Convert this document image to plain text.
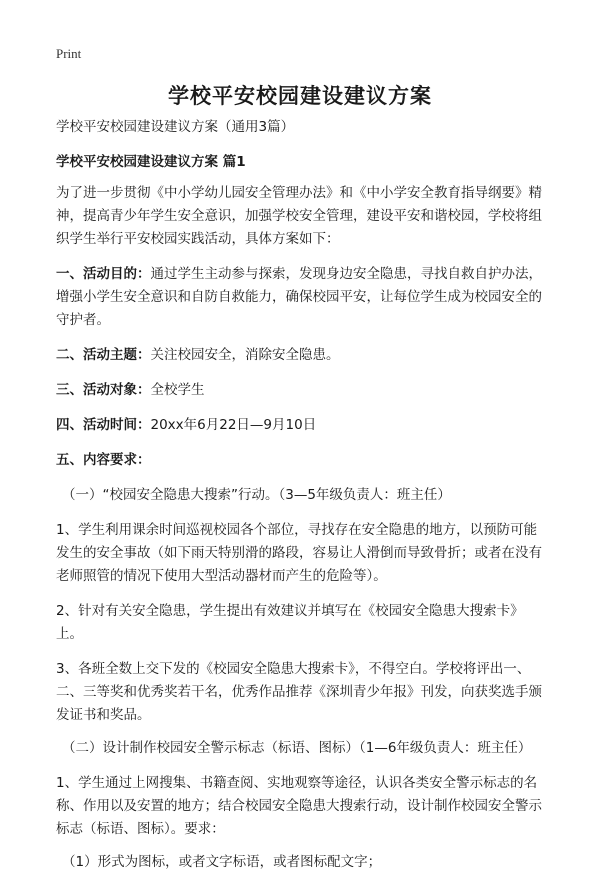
Print
学校平安校园建设建议方案

学校平安校园建设建议方案（通用3篇）

学校平安校园建设建议方案 篇1

为了进一步贯彻《中小学幼儿园安全管理办法》和《中小学安全教育指导纲要》精神，提高青少年学生安全意识，加强学校安全管理，建设平安和谐校园，学校将组织学生举行平安校园实践活动，具体方案如下：

一、活动目的：通过学生主动参与探索，发现身边安全隐患，寻找自救自护办法，增强小学生安全意识和自防自救能力，确保校园平安，让每位学生成为校园安全的守护者。

二、活动主题：关注校园安全，消除安全隐患。

三、活动对象：全校学生

四、活动时间：20xx年6月22日—9月10日

五、内容要求：

（一）“校园安全隐患大搜索”行动。（3—5年级负责人：班主任）

1、学生利用课余时间巡视校园各个部位，寻找存在安全隐患的地方，以预防可能发生的安全事故（如下雨天特别滑的路段，容易让人滑倒而导致骨折；或者在没有老师照管的情况下使用大型活动器材而产生的危险等）。

2、针对有关安全隐患，学生提出有效建议并填写在《校园安全隐患大搜索卡》上。

3、各班全数上交下发的《校园安全隐患大搜索卡》，不得空白。学校将评出一、二、三等奖和优秀奖若干名，优秀作品推荐《深圳青少年报》刊发，向获奖选手颁发证书和奖品。

（二）设计制作校园安全警示标志（标语、图标）（1—6年级负责人：班主任）

1、学生通过上网搜集、书籍查阅、实地观察等途径，认识各类安全警示标志的名称、作用以及安置的地方；结合校园安全隐患大搜索行动，设计制作校园安全警示标志（标语、图标）。要求：

（1）形式为图标，或者文字标语，或者图标配文字；
